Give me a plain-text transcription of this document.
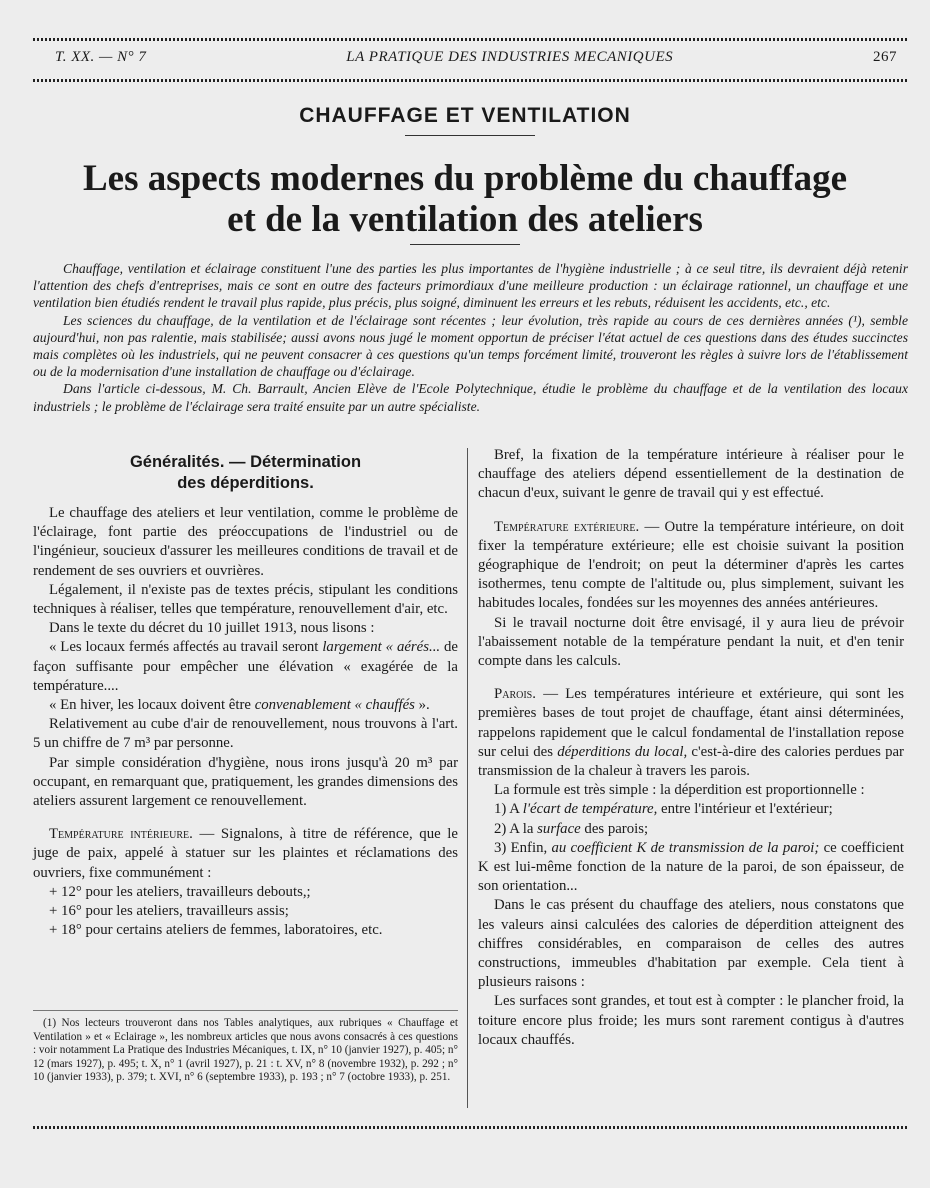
T. XX. — N° 7	LA PRATIQUE DES INDUSTRIES MECANIQUES	267
CHAUFFAGE ET VENTILATION
Les aspects modernes du problème du chauffage
et de la ventilation des ateliers

Chauffage, ventilation et éclairage constituent l'une des parties les plus importantes de l'hygiène industrielle ; à ce seul titre, ils devraient déjà retenir l'attention des chefs d'entreprises, mais ce sont en outre des facteurs primordiaux d'une meilleure production : un éclairage rationnel, un chauffage et une ventilation bien étudiés rendent le travail plus rapide, plus précis, plus soigné, diminuent les erreurs et les rebuts, réduisent les accidents, etc., etc.

Les sciences du chauffage, de la ventilation et de l'éclairage sont récentes ; leur évolution, très rapide au cours de ces dernières années (¹), semble aujourd'hui, non pas ralentie, mais stabilisée; aussi avons nous jugé le moment opportun de préciser l'état actuel de ces questions dans des études succinctes mais complètes où les industriels, qui ne peuvent consacrer à ces questions qu'un temps forcément limité, trouveront les règles à suivre lors de l'établissement ou de la modernisation d'une installation de chauffage ou d'éclairage.

Dans l'article ci-dessous, M. Ch. Barrault, Ancien Elève de l'Ecole Polytechnique, étudie le problème du chauffage et de la ventilation des locaux industriels ; le problème de l'éclairage sera traité ensuite par un autre spécialiste.

Généralités. — Détermination
des déperditions.

Le chauffage des ateliers et leur ventilation, comme le problème de l'éclairage, font partie des préoccupations de l'industriel ou de l'ingénieur, soucieux d'assurer les meilleures conditions de travail et de rendement de ses ouvriers et ouvrières.

Légalement, il n'existe pas de textes précis, stipulant les conditions techniques à réaliser, telles que température, renouvellement d'air, etc.

Dans le texte du décret du 10 juillet 1913, nous lisons :

« Les locaux fermés affectés au travail seront largement « aérés... de façon suffisante pour empêcher une élévation « exagérée de la température....

« En hiver, les locaux doivent être convenablement « chauffés ».

Relativement au cube d'air de renouvellement, nous trouvons à l'art. 5 un chiffre de 7 m³ par personne.

Par simple considération d'hygiène, nous irons jusqu'à 20 m³ par occupant, en remarquant que, pratiquement, les grandes dimensions des ateliers assurent largement ce renouvellement.

Température intérieure. — Signalons, à titre de référence, que le juge de paix, appelé à statuer sur les plaintes et réclamations des ouvriers, fixe communément :

+ 12° pour les ateliers, travailleurs debouts,;

+ 16° pour les ateliers, travailleurs assis;

+ 18° pour certains ateliers de femmes, laboratoires, etc.

(1) Nos lecteurs trouveront dans nos Tables analytiques, aux rubriques « Chauffage et Ventilation » et « Eclairage », les nombreux articles que nous avons consacrés à ces questions : voir notamment La Pratique des Industries Mécaniques, t. IX, n° 10 (janvier 1927), p. 405; n° 12 (mars 1927), p. 495; t. X, n° 1 (avril 1927), p. 21 : t. XV, n° 8 (novembre 1932), p. 292 ; n° 10 (janvier 1933), p. 379; t. XVI, n° 6 (septembre 1933), p. 193 ; n° 7 (octobre 1933), p. 251.

Bref, la fixation de la température intérieure à réaliser pour le chauffage des ateliers dépend essentiellement de la destination de chacun d'eux, suivant le genre de travail qui y est effectué.

Température extérieure. — Outre la température intérieure, on doit fixer la température extérieure; elle est choisie suivant la position géographique de l'endroit; on peut la déterminer d'après les cartes isothermes, tenu compte de l'altitude ou, plus simplement, suivant les habitudes locales, fondées sur les moyennes des années antérieures.

Si le travail nocturne doit être envisagé, il y aura lieu de prévoir l'abaissement notable de la température pendant la nuit, et d'en tenir compte dans les calculs.

Parois. — Les températures intérieure et extérieure, qui sont les premières bases de tout projet de chauffage, étant ainsi déterminées, rappelons rapidement que le calcul fondamental de l'installation repose sur celui des déperditions du local, c'est-à-dire des calories perdues par transmission de la chaleur à travers les parois.

La formule est très simple : la déperdition est proportionnelle :

1) A l'écart de température, entre l'intérieur et l'extérieur;

2) A la surface des parois;

3) Enfin, au coefficient K de transmission de la paroi; ce coefficient K est lui-même fonction de la nature de la paroi, de son épaisseur, de son orientation...

Dans le cas présent du chauffage des ateliers, nous constatons que les valeurs ainsi calculées des calories de déperdition atteignent des chiffres considérables, en comparaison de celles des autres constructions, immeubles d'habitation par exemple. Cela tient à plusieurs raisons :

Les surfaces sont grandes, et tout est à compter : le plancher froid, la toiture encore plus froide; les murs sont rarement contigus à d'autres locaux chauffés.
